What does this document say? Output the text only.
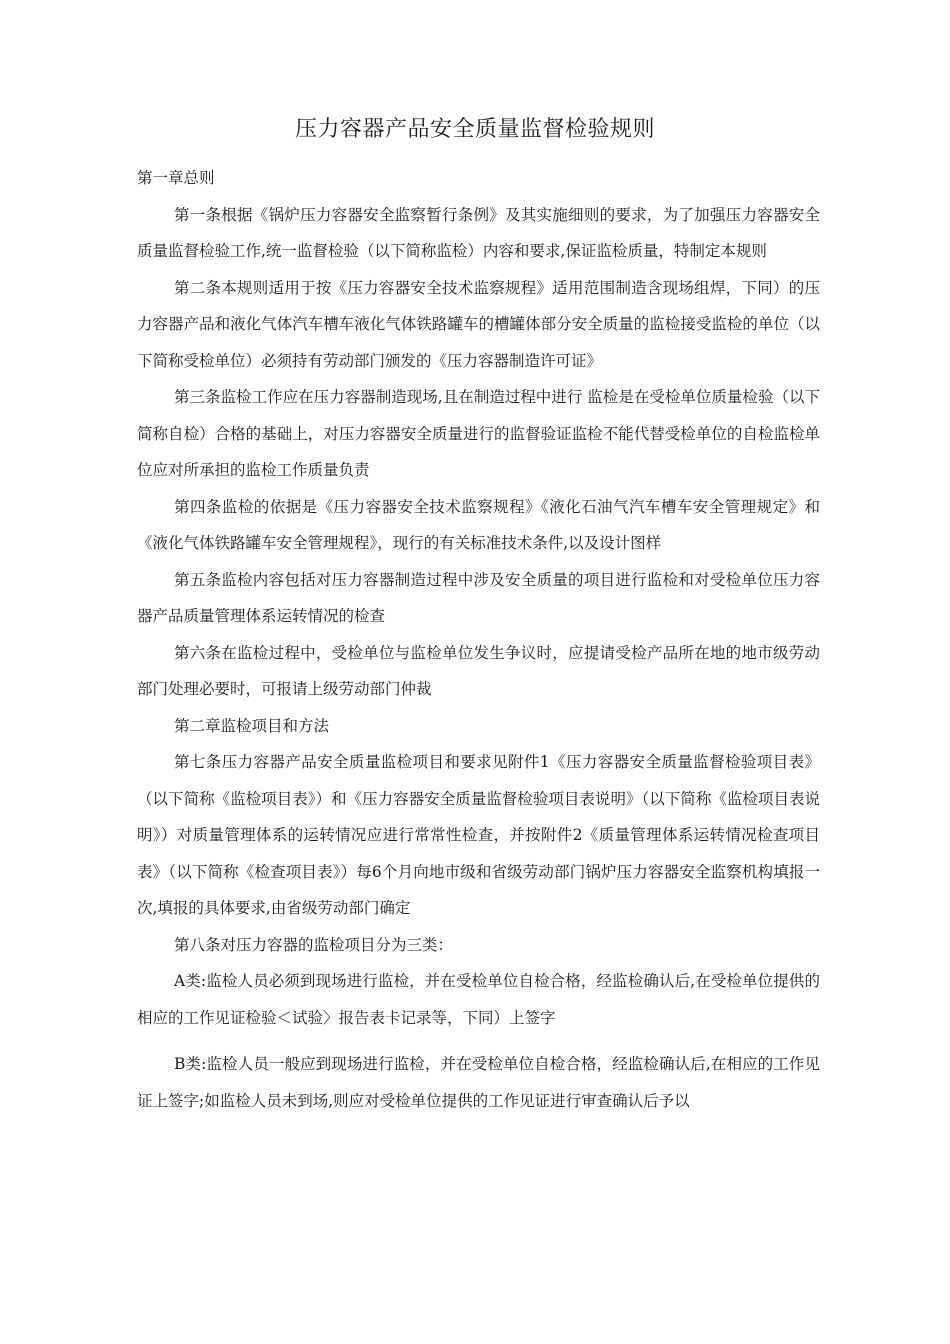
压力容器产品安全质量监督检验规则

第一章总则

第一条根据《锅炉压力容器安全监察暂行条例》及其实施细则的要求，为了加强压力容器安全质量监督检验工作,统一监督检验（以下简称监检）内容和要求,保证监检质量，特制定本规则

第二条本规则适用于按《压力容器安全技术监察规程》适用范围制造含现场组焊，下同）的压力容器产品和液化气体汽车槽车液化气体铁路罐车的槽罐体部分安全质量的监检接受监检的单位（以下简称受检单位）必须持有劳动部门颁发的《压力容器制造许可证》

第三条监检工作应在压力容器制造现场,且在制造过程中进行 监检是在受检单位质量检验（以下简称自检）合格的基础上，对压力容器安全质量进行的监督验证监检不能代替受检单位的自检监检单位应对所承担的监检工作质量负责

第四条监检的依据是《压力容器安全技术监察规程》《液化石油气汽车槽车安全管理规定》和《液化气体铁路罐车安全管理规程》，现行的有关标准技术条件,以及设计图样

第五条监检内容包括对压力容器制造过程中涉及安全质量的项目进行监检和对受检单位压力容器产品质量管理体系运转情况的检查

第六条在监检过程中，受检单位与监检单位发生争议时，应提请受检产品所在地的地市级劳动部门处理必要时，可报请上级劳动部门仲裁

第二章监检项目和方法

第七条压力容器产品安全质量监检项目和要求见附件1《压力容器安全质量监督检验项目表》（以下简称《监检项目表》）和《压力容器安全质量监督检验项目表说明》（以下简称《监检项目表说明》）对质量管理体系的运转情况应进行常常性检查，并按附件2《质量管理体系运转情况检查项目表》（以下简称《检查项目表》）每6个月向地市级和省级劳动部门锅炉压力容器安全监察机构填报一次,填报的具体要求,由省级劳动部门确定

第八条对压力容器的监检项目分为三类：

A类:监检人员必须到现场进行监检，并在受检单位自检合格，经监检确认后,在受检单位提供的相应的工作见证检验＜试验〉报告表卡记录等，下同）上签字

B类:监检人员一般应到现场进行监检，并在受检单位自检合格，经监检确认后,在相应的工作见证上签字;如监检人员未到场,则应对受检单位提供的工作见证进行审查确认后予以
